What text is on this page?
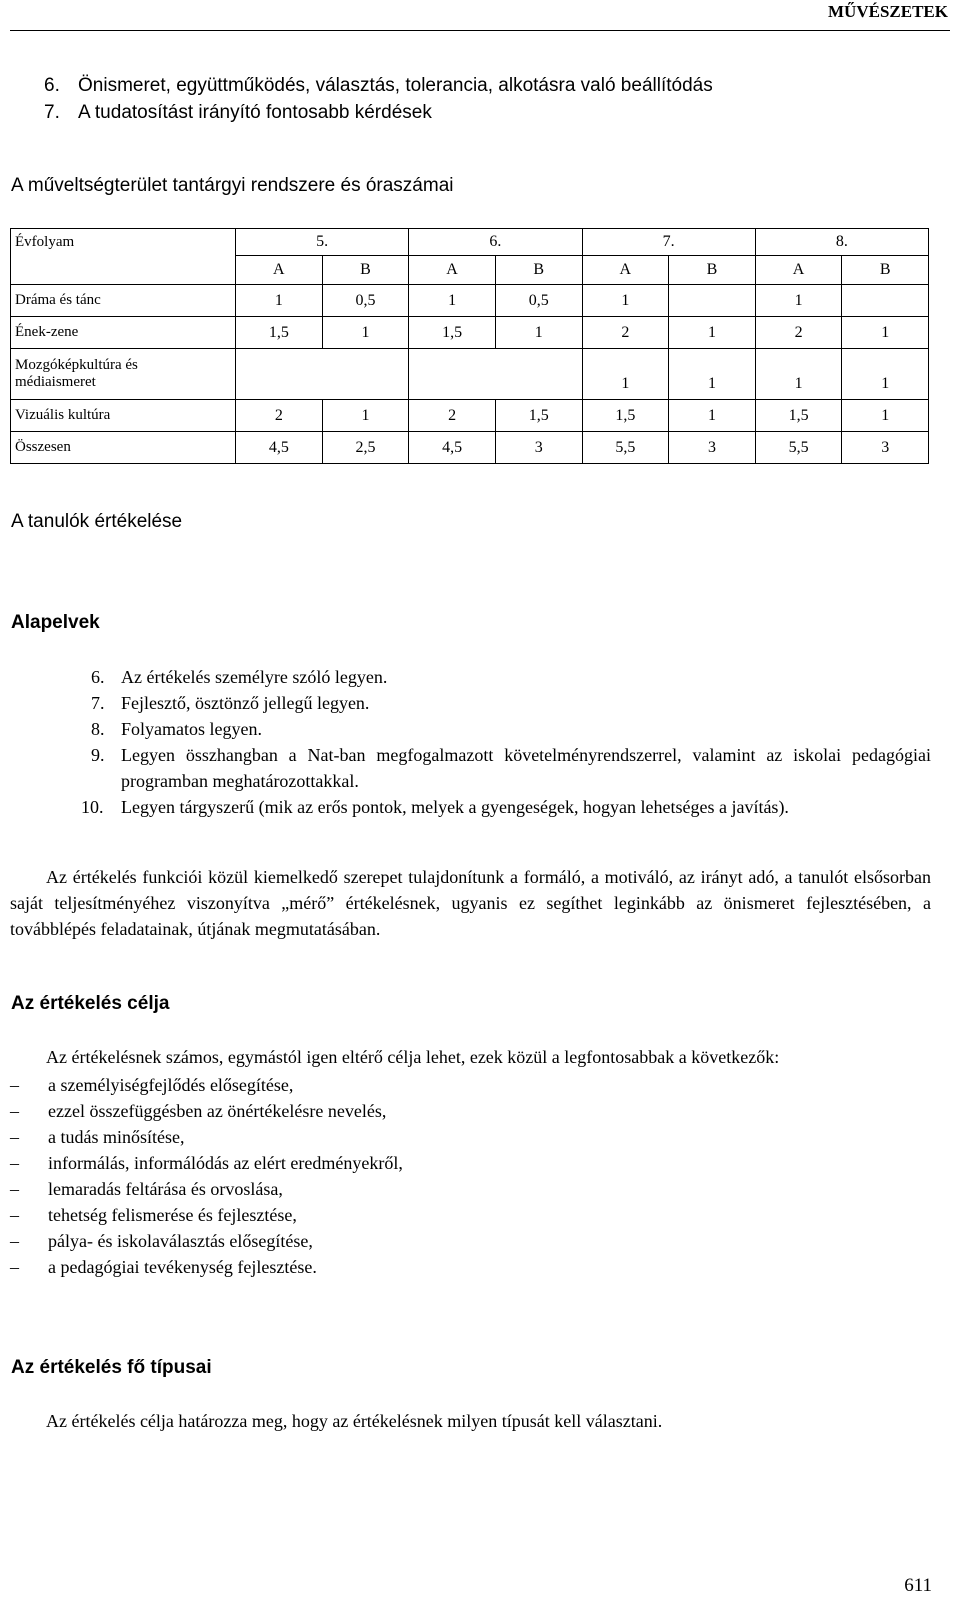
MŰVÉSZETEK
6. Önismeret, együttműködés, választás, tolerancia, alkotásra való beállítódás
7. A tudatosítást irányító fontosabb kérdések
A műveltségterület tantárgyi rendszere és óraszámai
Évfolyam	5.		6.		7.		8.	
	A	B	A	B	A	B	A	B
Dráma és tánc	1	0,5	1	0,5	1		1	
Ének-zene	1,5	1	1,5	1	2	1	2	1

Mozgóképkultúra és
médiaismeret					1	1	1	1
Vizuális kultúra	2	1	2	1,5	1,5	1	1,5	1
Összesen	4,5	2,5	4,5	3	5,5	3	5,5	3
A tanulók értékelése
Alapelvek
6. Az értékelés személyre szóló legyen.
7. Fejlesztő, ösztönző jellegű legyen.
8. Folyamatos legyen.
9. Legyen összhangban a Nat-ban megfogalmazott követelményrendszerrel, valamint az iskolai pedagógiai programban meghatározottakkal.
10. Legyen tárgyszerű (mik az erős pontok, melyek a gyengeségek, hogyan lehetséges a javítás).
Az értékelés funkciói közül kiemelkedő szerepet tulajdonítunk a formáló, a motiváló, az irányt adó, a tanulót elsősorban saját teljesítményéhez viszonyítva „mérő” értékelésnek, ugyanis ez segíthet leginkább az önismeret fejlesztésében, a továbblépés feladatainak, útjának megmutatásában.
Az értékelés célja
Az értékelésnek számos, egymástól igen eltérő célja lehet, ezek közül a legfontosabbak a következők:
–	a személyiségfejlődés elősegítése,
–	ezzel összefüggésben az önértékelésre nevelés,
–	a tudás minősítése,
–	informálás, informálódás az elért eredményekről,
–	lemaradás feltárása és orvoslása,
–	tehetség felismerése és fejlesztése,
–	pálya- és iskolaválasztás elősegítése,
–	a pedagógiai tevékenység fejlesztése.
Az értékelés fő típusai
Az értékelés célja határozza meg, hogy az értékelésnek milyen típusát kell választani.
611
